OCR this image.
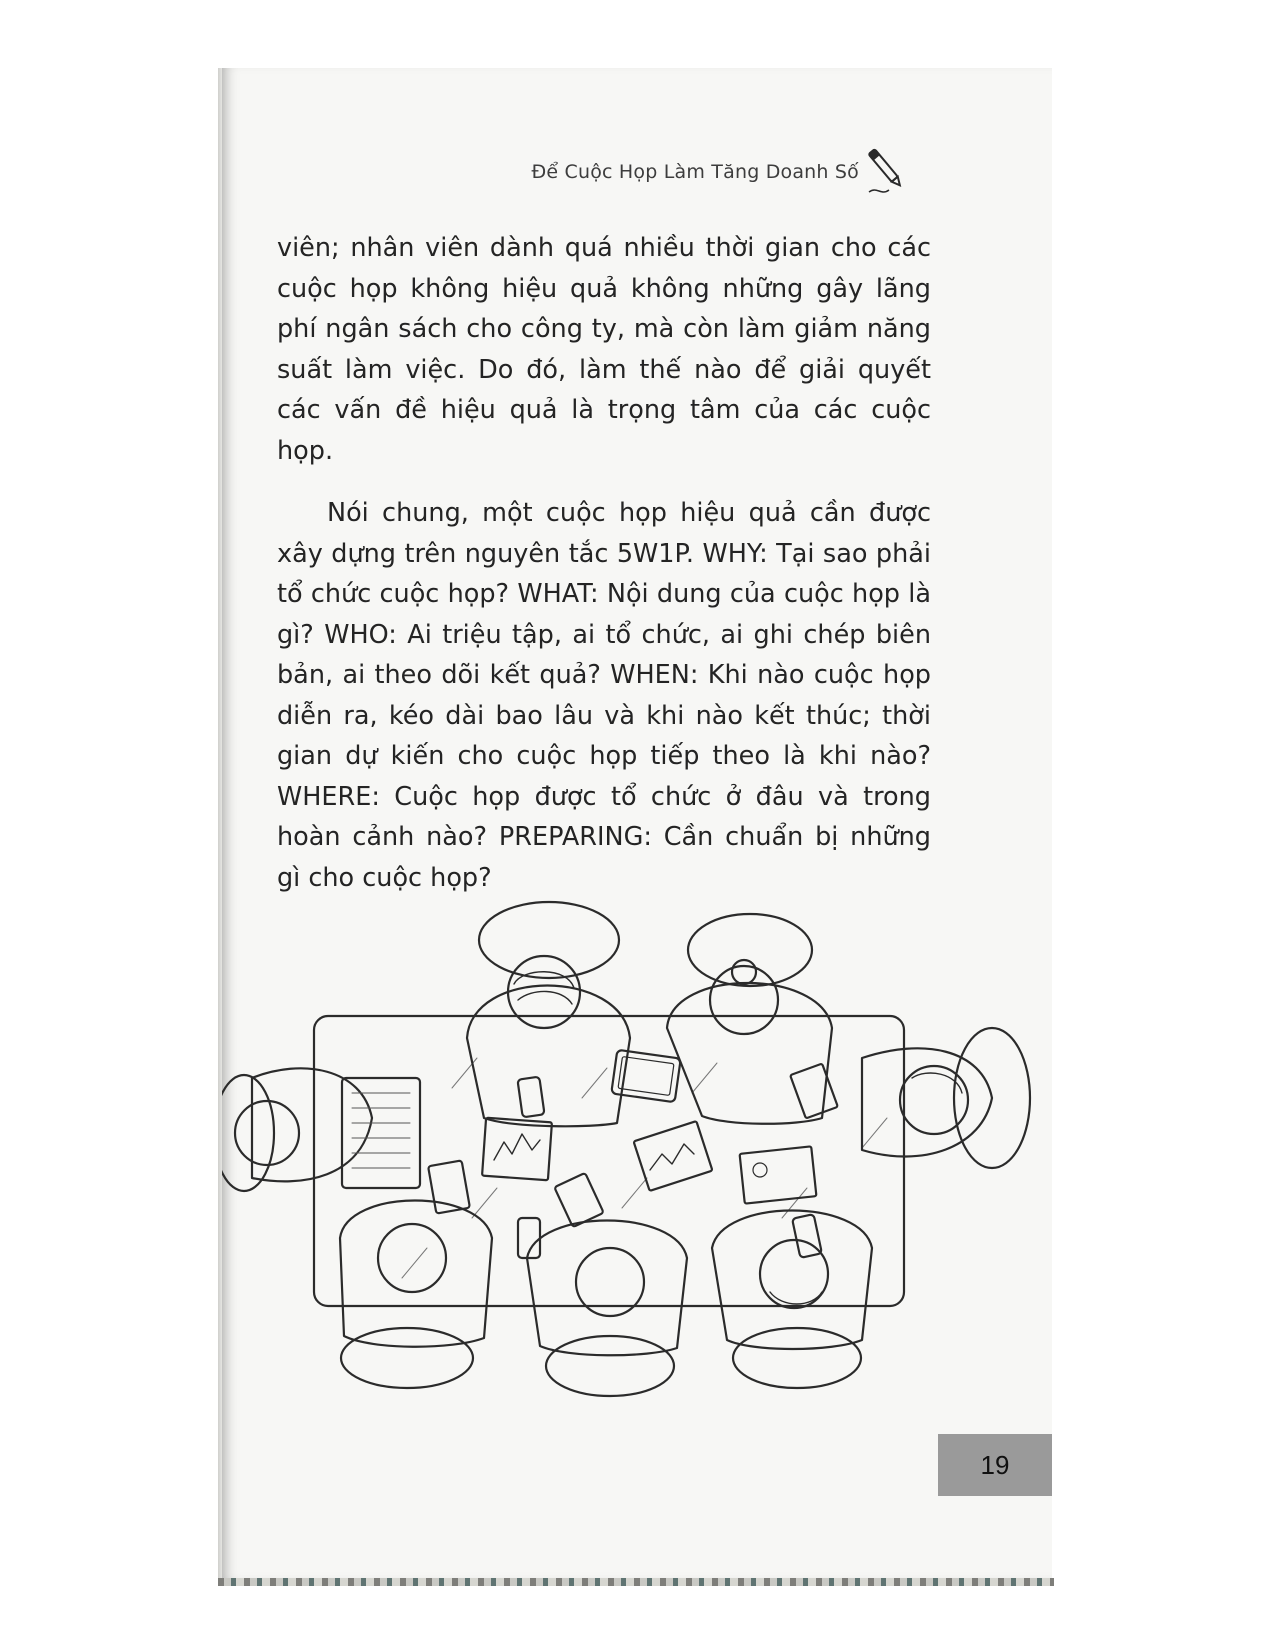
Để Cuộc Họp Làm Tăng Doanh Số

viên; nhân viên dành quá nhiều thời gian cho các cuộc họp không hiệu quả không những gây lãng phí ngân sách cho công ty, mà còn làm giảm năng suất làm việc. Do đó, làm thế nào để giải quyết các vấn đề hiệu quả là trọng tâm của các cuộc họp.

Nói chung, một cuộc họp hiệu quả cần được xây dựng trên nguyên tắc 5W1P. WHY: Tại sao phải tổ chức cuộc họp? WHAT: Nội dung của cuộc họp là gì? WHO: Ai triệu tập, ai tổ chức, ai ghi chép biên bản, ai theo dõi kết quả? WHEN: Khi nào cuộc họp diễn ra, kéo dài bao lâu và khi nào kết thúc; thời gian dự kiến cho cuộc họp tiếp theo là khi nào? WHERE: Cuộc họp được tổ chức ở đâu và trong hoàn cảnh nào? PREPARING: Cần chuẩn bị những gì cho cuộc họp?

19
